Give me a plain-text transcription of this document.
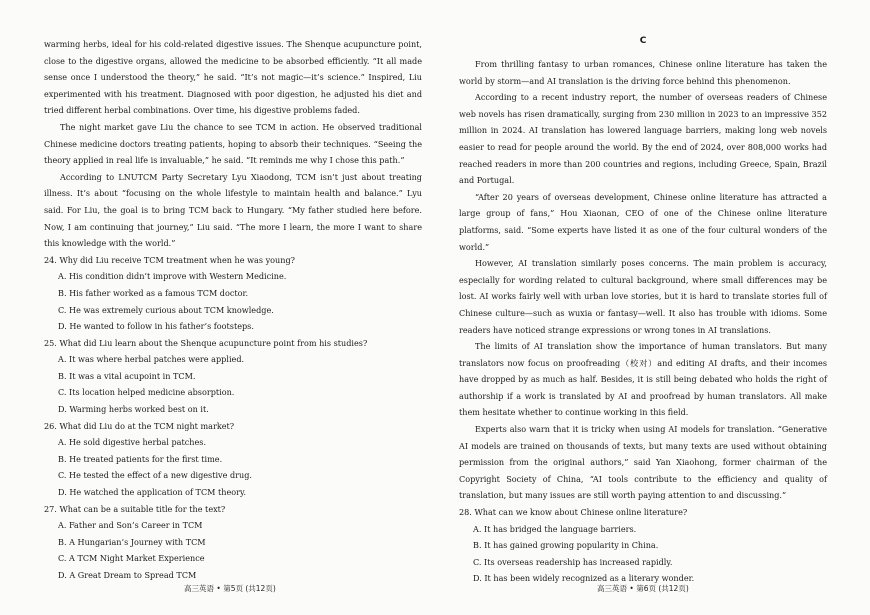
warming herbs, ideal for his cold-related digestive issues. The Shenque acupuncture point, close to the digestive organs, allowed the medicine to be absorbed efficiently. “It all made sense once I understood the theory,” he said. “It’s not magic—it’s science.” Inspired, Liu experimented with his treatment. Diagnosed with poor digestion, he adjusted his diet and tried different herbal combinations. Over time, his digestive problems faded.

The night market gave Liu the chance to see TCM in action. He observed traditional Chinese medicine doctors treating patients, hoping to absorb their techniques. “Seeing the theory applied in real life is invaluable,” he said. “It reminds me why I chose this path.”

According to LNUTCM Party Secretary Lyu Xiaodong, TCM isn’t just about treating illness. It’s about “focusing on the whole lifestyle to maintain health and balance.” Lyu said. For Liu, the goal is to bring TCM back to Hungary. “My father studied here before. Now, I am continuing that journey,” Liu said. “The more I learn, the more I want to share this knowledge with the world.”

24. Why did Liu receive TCM treatment when he was young?

A. His condition didn’t improve with Western Medicine.

B. His father worked as a famous TCM doctor.

C. He was extremely curious about TCM knowledge.

D. He wanted to follow in his father’s footsteps.

25. What did Liu learn about the Shenque acupuncture point from his studies?

A. It was where herbal patches were applied.

B. It was a vital acupoint in TCM.

C. Its location helped medicine absorption.

D. Warming herbs worked best on it.

26. What did Liu do at the TCM night market?

A. He sold digestive herbal patches.

B. He treated patients for the first time.

C. He tested the effect of a new digestive drug.

D. He watched the application of TCM theory.

27. What can be a suitable title for the text?

A. Father and Son’s Career in TCM

B. A Hungarian’s Journey with TCM

C. A TCM Night Market Experience

D. A Great Dream to Spread TCM

C

From thrilling fantasy to urban romances, Chinese online literature has taken the world by storm—and AI translation is the driving force behind this phenomenon.

According to a recent industry report, the number of overseas readers of Chinese web novels has risen dramatically, surging from 230 million in 2023 to an impressive 352 million in 2024. AI translation has lowered language barriers, making long web novels easier to read for people around the world. By the end of 2024, over 808,000 works had reached readers in more than 200 countries and regions, including Greece, Spain, Brazil and Portugal.

“After 20 years of overseas development, Chinese online literature has attracted a large group of fans,” Hou Xiaonan, CEO of one of the Chinese online literature platforms, said. “Some experts have listed it as one of the four cultural wonders of the world.”

However, AI translation similarly poses concerns. The main problem is accuracy, especially for wording related to cultural background, where small differences may be lost. AI works fairly well with urban love stories, but it is hard to translate stories full of Chinese culture—such as wuxia or fantasy—well. It also has trouble with idioms. Some readers have noticed strange expressions or wrong tones in AI translations.

The limits of AI translation show the importance of human translators. But many translators now focus on proofreading（校对）and editing AI drafts, and their incomes have dropped by as much as half. Besides, it is still being debated who holds the right of authorship if a work is translated by AI and proofread by human translators. All make them hesitate whether to continue working in this field.

Experts also warn that it is tricky when using AI models for translation. “Generative AI models are trained on thousands of texts, but many texts are used without obtaining permission from the original authors,” said Yan Xiaohong, former chairman of the Copyright Society of China, “AI tools contribute to the efficiency and quality of translation, but many issues are still worth paying attention to and discussing.”

28. What can we know about Chinese online literature?

A. It has bridged the language barriers.

B. It has gained growing popularity in China.

C. Its overseas readership has increased rapidly.

D. It has been widely recognized as a literary wonder.

高三英语 • 第5页 (共12页)	高三英语 • 第6页 (共12页)
